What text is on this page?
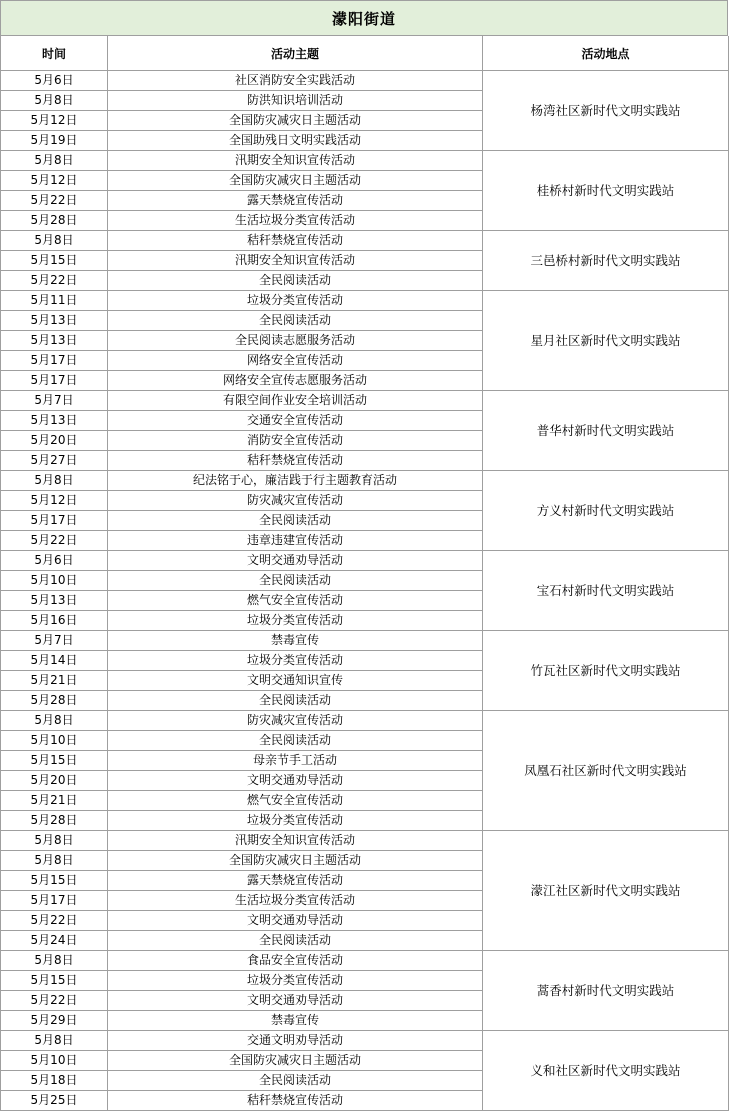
濛阳街道
时间	活动主题	活动地点
5月6日	社区消防安全实践活动	杨湾社区新时代文明实践站
5月8日	防洪知识培训活动	
5月12日	全国防灾减灾日主题活动	
5月19日	全国助残日文明实践活动	
5月8日	汛期安全知识宣传活动	桂桥村新时代文明实践站
5月12日	全国防灾减灾日主题活动	
5月22日	露天禁烧宣传活动	
5月28日	生活垃圾分类宣传活动	
5月8日	秸秆禁烧宣传活动	三邑桥村新时代文明实践站
5月15日	汛期安全知识宣传活动	
5月22日	全民阅读活动	
5月11日	垃圾分类宣传活动	星月社区新时代文明实践站
5月13日	全民阅读活动	
5月13日	全民阅读志愿服务活动	
5月17日	网络安全宣传活动	
5月17日	网络安全宣传志愿服务活动	
5月7日	有限空间作业安全培训活动	普华村新时代文明实践站
5月13日	交通安全宣传活动	
5月20日	消防安全宣传活动	
5月27日	秸秆禁烧宣传活动	
5月8日	纪法铭于心，廉洁践于行主题教育活动	方义村新时代文明实践站
5月12日	防灾减灾宣传活动	
5月17日	全民阅读活动	
5月22日	违章违建宣传活动	
5月6日	文明交通劝导活动	宝石村新时代文明实践站
5月10日	全民阅读活动	
5月13日	燃气安全宣传活动	
5月16日	垃圾分类宣传活动	
5月7日	禁毒宣传	竹瓦社区新时代文明实践站
5月14日	垃圾分类宣传活动	
5月21日	文明交通知识宣传	
5月28日	全民阅读活动	
5月8日	防灾减灾宣传活动	凤凰石社区新时代文明实践站
5月10日	全民阅读活动	
5月15日	母亲节手工活动	
5月20日	文明交通劝导活动	
5月21日	燃气安全宣传活动	
5月28日	垃圾分类宣传活动	
5月8日	汛期安全知识宣传活动	濛江社区新时代文明实践站
5月8日	全国防灾减灾日主题活动	
5月15日	露天禁烧宣传活动	
5月17日	生活垃圾分类宣传活动	
5月22日	文明交通劝导活动	
5月24日	全民阅读活动	
5月8日	食品安全宣传活动	蒿香村新时代文明实践站
5月15日	垃圾分类宣传活动	
5月22日	文明交通劝导活动	
5月29日	禁毒宣传	
5月8日	交通文明劝导活动	义和社区新时代文明实践站
5月10日	全国防灾减灾日主题活动	
5月18日	全民阅读活动	
5月25日	秸秆禁烧宣传活动	
